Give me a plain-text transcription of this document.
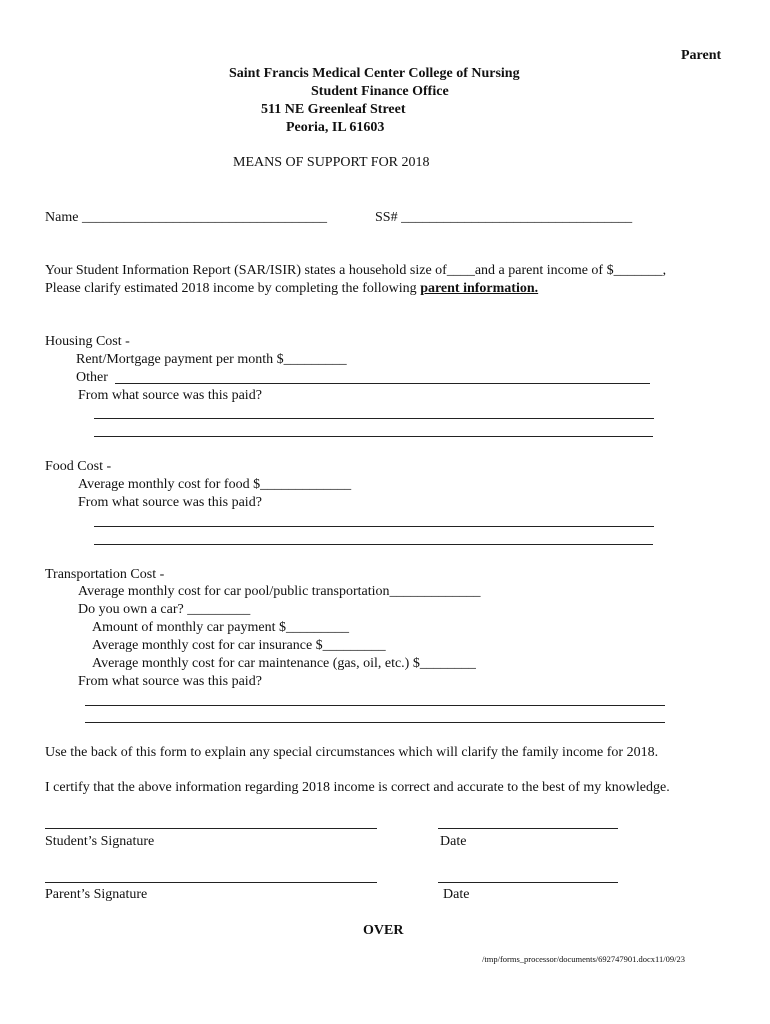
Parent
Saint Francis Medical Center College of Nursing
Student Finance Office
511 NE Greenleaf Street
Peoria, IL 61603
MEANS OF SUPPORT FOR 2018
Name ___________________________________	SS# _________________________________
Your Student Information Report (SAR/ISIR) states a household size of____and a parent income of $_______,
Please clarify estimated 2018 income by completing the following parent information.
Housing Cost -
Rent/Mortgage payment per month $_________
Other
From what source was this paid?
Food Cost -
Average monthly cost for food $_____________
From what source was this paid?
Transportation Cost -
Average monthly cost for car pool/public transportation_____________
Do you own a car? _________
Amount of monthly car payment $_________
Average monthly cost for car insurance $_________
Average monthly cost for car maintenance (gas, oil, etc.) $________
From what source was this paid?
Use the back of this form to explain any special circumstances which will clarify the family income for 2018.
I certify that the above information regarding 2018 income is correct and accurate to the best of my knowledge.
Student’s Signature	Date
Parent’s Signature	Date
OVER
/tmp/forms_processor/documents/692747901.docx11/09/23
